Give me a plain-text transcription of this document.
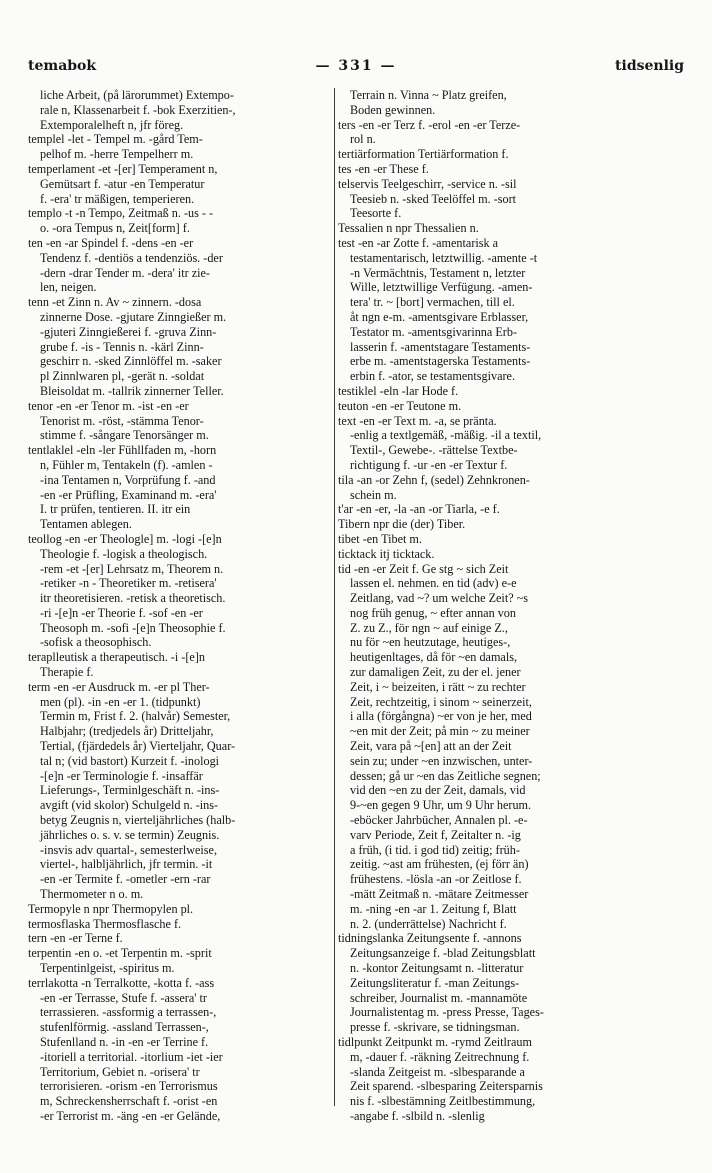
temabok	— 331 —	tidsenlig
liche Arbeit, (på lärorummet) Extempo-
rale n, Klassenarbeit f. -bok Exerzitien-,
Extemporalelheft n, jfr föreg.
templel -let - Tempel m. -gård Tem-
pelhof m. -herre Tempelherr m.
temperlament -et -[er] Temperament n,
Gemütsart f. -atur -en Temperatur
f. -era' tr mäßigen, temperieren.
templo -t -n Tempo, Zeitmaß n. -us - -
o. -ora Tempus n, Zeit[form] f.
ten -en -ar Spindel f. -dens -en -er
Tendenz f. -dentiös a tendenziös. -der
-dern -drar Tender m. -dera' itr zie-
len, neigen.
tenn -et Zinn n. Av ~ zinnern. -dosa
zinnerne Dose. -gjutare Zinngießer m.
-gjuteri Zinngießerei f. -gruva Zinn-
grube f. -is - Tennis n. -kärl Zinn-
geschirr n. -sked Zinnlöffel m. -saker
pl Zinnlwaren pl, -gerät n. -soldat
Bleisoldat m. -tallrik zinnerner Teller.
tenor -en -er Tenor m. -ist -en -er
Tenorist m. -röst, -stämma Tenor-
stimme f. -sångare Tenorsänger m.
tentlaklel -eln -ler Fühllfaden m, -horn
n, Fühler m, Tentakeln (f). -amlen -
-ina Tentamen n, Vorprüfung f. -and
-en -er Prüfling, Examinand m. -era'
I. tr prüfen, tentieren. II. itr ein
Tentamen ablegen.
teollog -en -er Theologle] m. -logi -[e]n
Theologie f. -logisk a theologisch.
-rem -et -[er] Lehrsatz m, Theorem n.
-retiker -n - Theoretiker m. -retisera'
itr theoretisieren. -retisk a theoretisch.
-ri -[e]n -er Theorie f. -sof -en -er
Theosoph m. -sofi -[e]n Theosophie f.
-sofisk a theosophisch.
teraplleutisk a therapeutisch. -i -[e]n
Therapie f.
term -en -er Ausdruck m. -er pl Ther-
men (pl). -in -en -er 1. (tidpunkt)
Termin m, Frist f. 2. (halvår) Semester,
Halbjahr; (tredjedels år) Dritteljahr,
Tertial, (fjärdedels år) Vierteljahr, Quar-
tal n; (vid bastort) Kurzeit f. -inologi
-[e]n -er Terminologie f. -insaffär
Lieferungs-, Terminlgeschäft n. -ins-
avgift (vid skolor) Schulgeld n. -ins-
betyg Zeugnis n, vierteljährliches (halb-
jährliches o. s. v. se termin) Zeugnis.
-insvis adv quartal-, semesterlweise,
viertel-, halbljährlich, jfr termin. -it
-en -er Termite f. -ometler -ern -rar
Thermometer n o. m.
Termopyle n npr Thermopylen pl.
termosflaska Thermosflasche f.
tern -en -er Terne f.
terpentin -en o. -et Terpentin m. -sprit
Terpentinlgeist, -spiritus m.
terrlakotta -n Terralkotte, -kotta f. -ass
-en -er Terrasse, Stufe f. -assera' tr
terrassieren. -assformig a terrassen-,
stufenlförmig. -assland Terrassen-,
Stufenlland n. -in -en -er Terrine f.
-itoriell a territorial. -itorlium -iet -ier
Territorium, Gebiet n. -orisera' tr
terrorisieren. -orism -en Terrorismus
m, Schreckensherrschaft f. -orist -en
-er Terrorist m. -äng -en -er Gelände,
Terrain n. Vinna ~ Platz greifen,
Boden gewinnen.
ters -en -er Terz f. -erol -en -er Terze-
rol n.
tertiärformation Tertiärformation f.
tes -en -er These f.
telservis Teelgeschirr, -service n. -sil
Teesieb n. -sked Teelöffel m. -sort
Teesorte f.
Tessalien n npr Thessalien n.
test -en -ar Zotte f. -amentarisk a
testamentarisch, letztwillig. -amente -t
-n Vermächtnis, Testament n, letzter
Wille, letztwillige Verfügung. -amen-
tera' tr. ~ [bort] vermachen, till el.
åt ngn e-m. -amentsgivare Erblasser,
Testator m. -amentsgivarinna Erb-
lasserin f. -amentstagare Testaments-
erbe m. -amentstagerska Testaments-
erbin f. -ator, se testamentsgivare.
testiklel -eln -lar Hode f.
teuton -en -er Teutone m.
text -en -er Text m. -a, se pränta.
-enlig a textlgemäß, -mäßig. -il a textil,
Textil-, Gewebe-. -rättelse Textbe-
richtigung f. -ur -en -er Textur f.
tila -an -or Zehn f, (sedel) Zehnkronen-
schein m.
t'ar -en -er, -la -an -or Tiarla, -e f.
Tibern npr die (der) Tiber.
tibet -en Tibet m.
ticktack itj ticktack.
tid -en -er Zeit f. Ge stg ~ sich Zeit
lassen el. nehmen. en tid (adv) e-e
Zeitlang, vad ~? um welche Zeit? ~s
nog früh genug, ~ efter annan von
Z. zu Z., för ngn ~ auf einige Z.,
nu för ~en heutzutage, heutiges-,
heutigenltages, då för ~en damals,
zur damaligen Zeit, zu der el. jener
Zeit, i ~ beizeiten, i rätt ~ zu rechter
Zeit, rechtzeitig, i sinom ~ seinerzeit,
i alla (förgångna) ~er von je her, med
~en mit der Zeit; på min ~ zu meiner
Zeit, vara på ~[en] att an der Zeit
sein zu; under ~en inzwischen, unter-
dessen; gå ur ~en das Zeitliche segnen;
vid den ~en zu der Zeit, damals, vid
9-~en gegen 9 Uhr, um 9 Uhr herum.
-eböcker Jahrbücher, Annalen pl. -e-
varv Periode, Zeit f, Zeitalter n. -ig
a früh, (i tid. i god tid) zeitig; früh-
zeitig. ~ast am frühesten, (ej förr än)
frühestens. -lösla -an -or Zeitlose f.
-mätt Zeitmaß n. -mätare Zeitmesser
m. -ning -en -ar 1. Zeitung f, Blatt
n. 2. (underrättelse) Nachricht f.
tidningslanka Zeitungsente f. -annons
Zeitungsanzeige f. -blad Zeitungsblatt
n. -kontor Zeitungsamt n. -litteratur
Zeitungsliteratur f. -man Zeitungs-
schreiber, Journalist m. -mannamöte
Journalistentag m. -press Presse, Tages-
presse f. -skrivare, se tidningsman.
tidlpunkt Zeitpunkt m. -rymd Zeitlraum
m, -dauer f. -räkning Zeitrechnung f.
-slanda Zeitgeist m. -slbesparande a
Zeit sparend. -slbesparing Zeitersparnis
nis f. -slbestämning Zeitlbestimmung,
-angabe f. -slbild n. -slenlig
